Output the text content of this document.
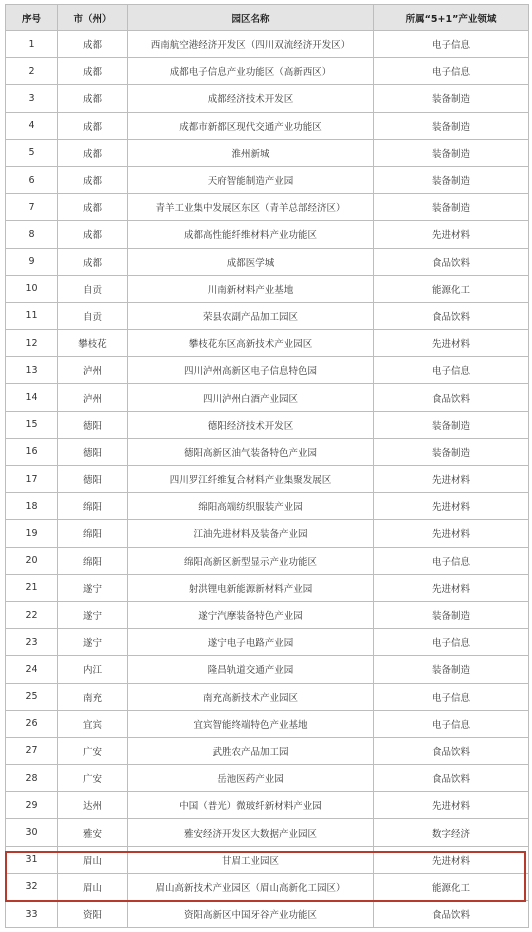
序号	市（州）	园区名称	所属“5+1”产业领域
1	成都	西南航空港经济开发区（四川双流经济开发区）	电子信息
2	成都	成都电子信息产业功能区（高新西区）	电子信息
3	成都	成都经济技术开发区	装备制造
4	成都	成都市新都区现代交通产业功能区	装备制造
5	成都	淮州新城	装备制造
6	成都	天府智能制造产业园	装备制造
7	成都	青羊工业集中发展区东区（青羊总部经济区）	装备制造
8	成都	成都高性能纤维材料产业功能区	先进材料
9	成都	成都医学城	食品饮料
10	自贡	川南新材料产业基地	能源化工
11	自贡	荣县农副产品加工园区	食品饮料
12	攀枝花	攀枝花东区高新技术产业园区	先进材料
13	泸州	四川泸州高新区电子信息特色园	电子信息
14	泸州	四川泸州白酒产业园区	食品饮料
15	德阳	德阳经济技术开发区	装备制造
16	德阳	德阳高新区油气装备特色产业园	装备制造
17	德阳	四川罗江纤维复合材料产业集聚发展区	先进材料
18	绵阳	绵阳高端纺织服装产业园	先进材料
19	绵阳	江油先进材料及装备产业园	先进材料
20	绵阳	绵阳高新区新型显示产业功能区	电子信息
21	遂宁	射洪锂电新能源新材料产业园	先进材料
22	遂宁	遂宁汽摩装备特色产业园	装备制造
23	遂宁	遂宁电子电路产业园	电子信息
24	内江	隆昌轨道交通产业园	装备制造
25	南充	南充高新技术产业园区	电子信息
26	宜宾	宜宾智能终端特色产业基地	电子信息
27	广安	武胜农产品加工园	食品饮料
28	广安	岳池医药产业园	食品饮料
29	达州	中国（普光）微玻纤新材料产业园	先进材料
30	雅安	雅安经济开发区大数据产业园区	数字经济
31	眉山	甘眉工业园区	先进材料
32	眉山	眉山高新技术产业园区（眉山高新化工园区）	能源化工
33	资阳	资阳高新区中国牙谷产业功能区	食品饮料
